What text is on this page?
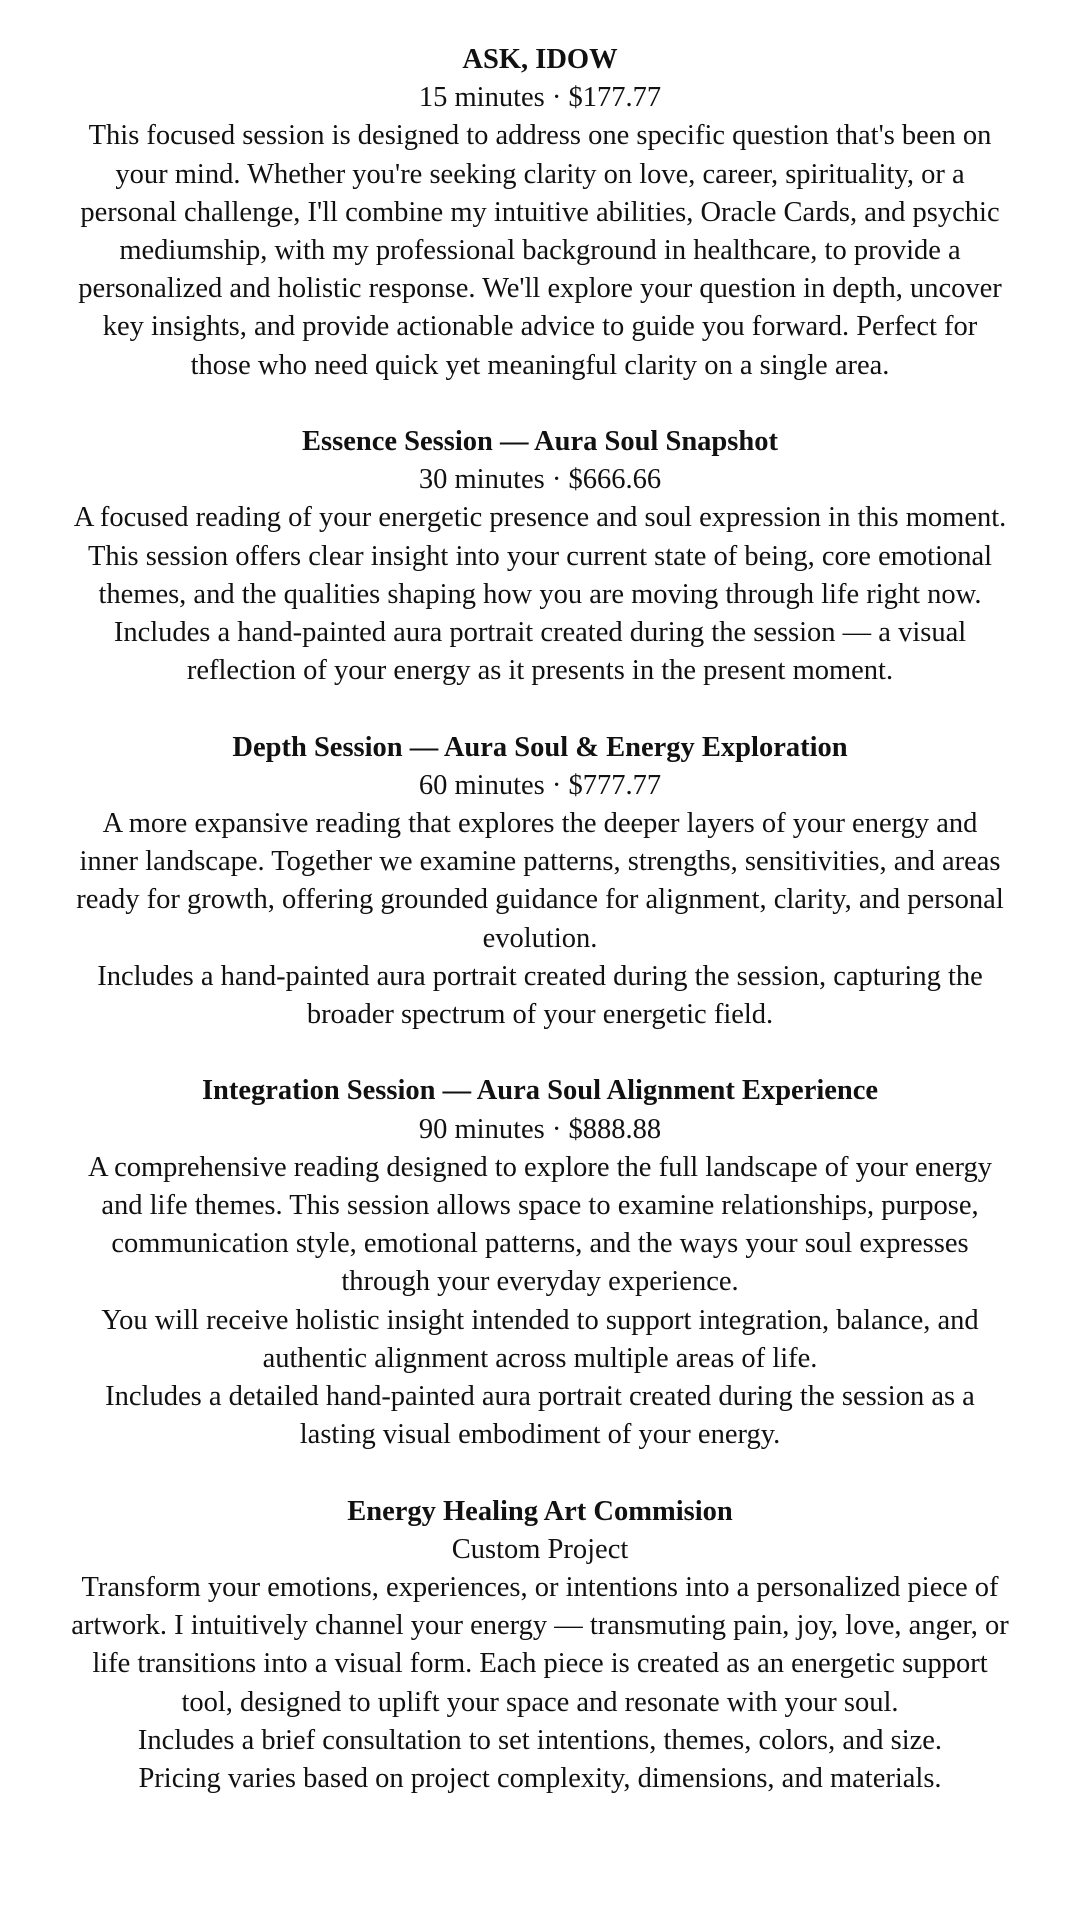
ASK, IDOW
15 minutes · $177.77
This focused session is designed to address one specific question that's been on your mind. Whether you're seeking clarity on love, career, spirituality, or a personal challenge, I'll combine my intuitive abilities, Oracle Cards, and psychic mediumship, with my professional background in healthcare, to provide a personalized and holistic response. We'll explore your question in depth, uncover key insights, and provide actionable advice to guide you forward. Perfect for those who need quick yet meaningful clarity on a single area.
Essence Session — Aura Soul Snapshot
30 minutes · $666.66
A focused reading of your energetic presence and soul expression in this moment. This session offers clear insight into your current state of being, core emotional themes, and the qualities shaping how you are moving through life right now.
Includes a hand-painted aura portrait created during the session — a visual reflection of your energy as it presents in the present moment.
Depth Session — Aura Soul & Energy Exploration
60 minutes · $777.77
A more expansive reading that explores the deeper layers of your energy and inner landscape. Together we examine patterns, strengths, sensitivities, and areas ready for growth, offering grounded guidance for alignment, clarity, and personal evolution.
Includes a hand-painted aura portrait created during the session, capturing the broader spectrum of your energetic field.
Integration Session — Aura Soul Alignment Experience
90 minutes · $888.88
A comprehensive reading designed to explore the full landscape of your energy and life themes. This session allows space to examine relationships, purpose, communication style, emotional patterns, and the ways your soul expresses through your everyday experience.
You will receive holistic insight intended to support integration, balance, and authentic alignment across multiple areas of life.
Includes a detailed hand-painted aura portrait created during the session as a lasting visual embodiment of your energy.
Energy Healing Art Commision
Custom Project
Transform your emotions, experiences, or intentions into a personalized piece of artwork. I intuitively channel your energy — transmuting pain, joy, love, anger, or life transitions into a visual form. Each piece is created as an energetic support tool, designed to uplift your space and resonate with your soul.
Includes a brief consultation to set intentions, themes, colors, and size.
Pricing varies based on project complexity, dimensions, and materials.
